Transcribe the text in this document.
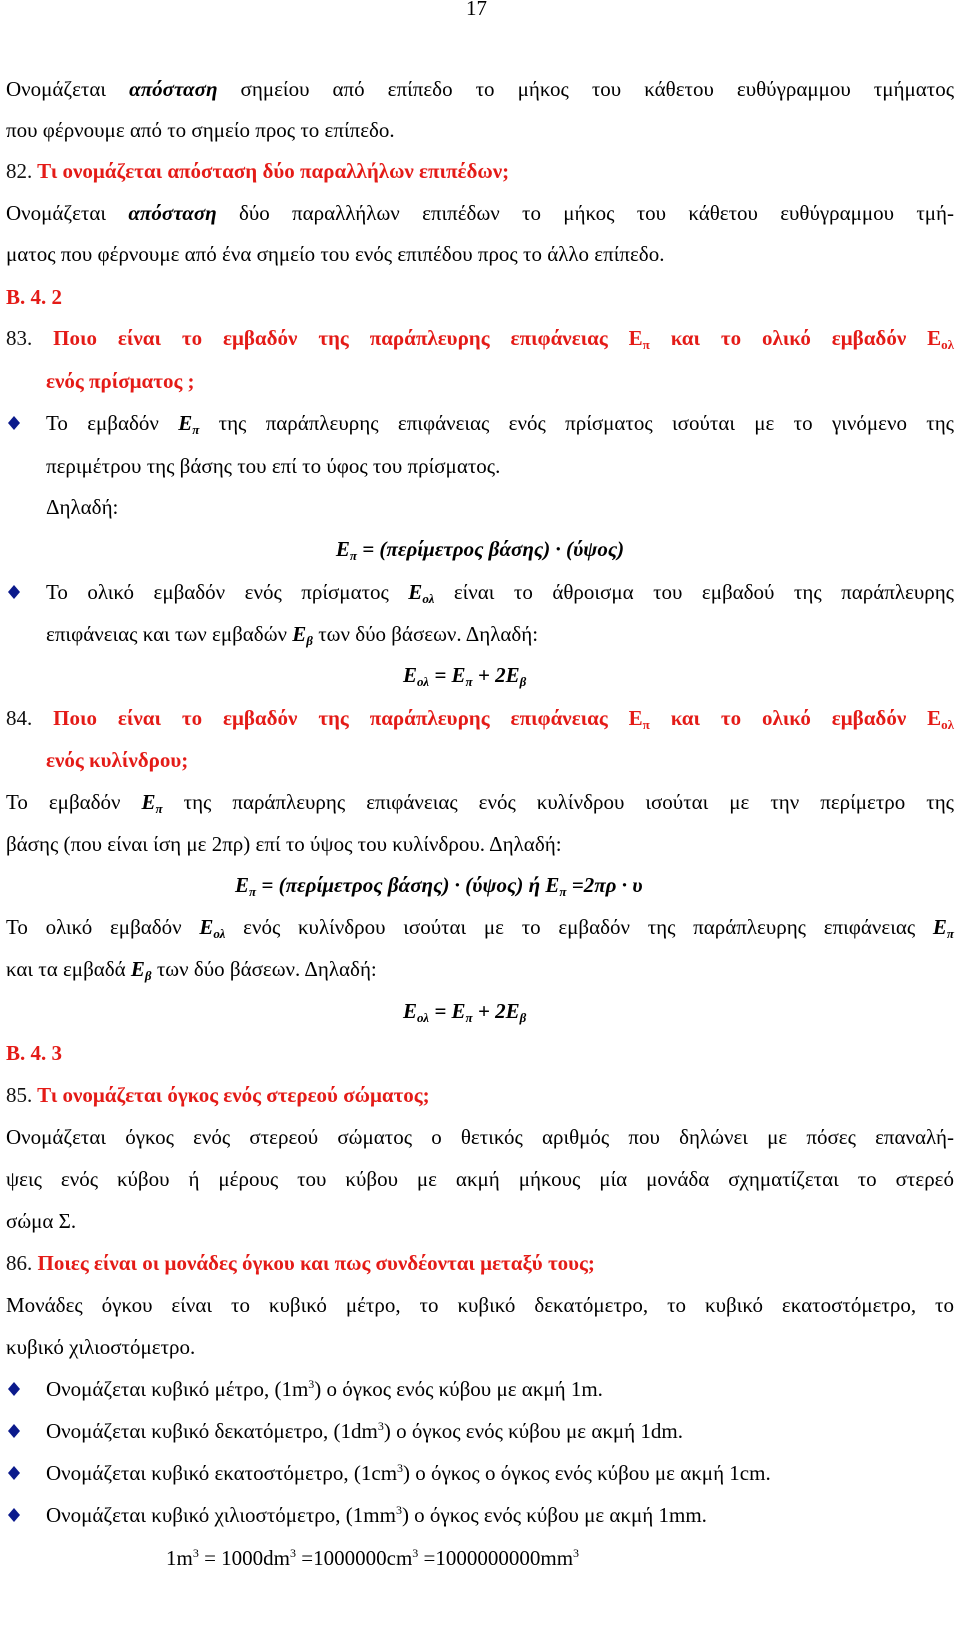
17
Ονομάζεται απόσταση σημείου από επίπεδο το μήκος του κάθετου ευθύγραμμου τμήματος
που φέρνουμε από το σημείο προς το επίπεδο.
82. Τι ονομάζεται απόσταση δύο παραλλήλων επιπέδων;
Ονομάζεται απόσταση δύο παραλλήλων επιπέδων το μήκος του κάθετου ευθύγραμμου τμή-
ματος που φέρνουμε από ένα σημείο του ενός επιπέδου προς το άλλο επίπεδο.
Β. 4. 2
83. Ποιο είναι το εμβαδόν της παράπλευρης επιφάνειας $E_\pi$ και το ολικό εμβαδόν $E_{o\lambda}$
ενός πρίσματος ;
Το εμβαδόν $E_\pi$ της παράπλευρης επιφάνειας ενός πρίσματος ισούται με το γινόμενο της
περιμέτρου της βάσης του επί το ύφος του πρίσματος.
Δηλαδή:
$E_\pi = (\pi\varepsilon\rho ί\mu\varepsilon\tau\rho o\varsigma$ βάσης) · (ύψος)
Το ολικό εμβαδόν ενός πρίσματος $E_{o\lambda}$ είναι το άθροισμα του εμβαδού της παράπλευρης
επιφάνειας και των εμβαδών $E_\beta$ των δύο βάσεων. Δηλαδή:
$E_{o\lambda} = E_\pi + 2E_\beta$
84. Ποιο είναι το εμβαδόν της παράπλευρης επιφάνειας $E_\pi$ και το ολικό εμβαδόν $E_{o\lambda}$
ενός κυλίνδρου;
Το εμβαδόν $E_\pi$ της παράπλευρης επιφάνειας ενός κυλίνδρου ισούται με την περίμετρο της
βάσης (που είναι ίση με 2πρ) επί το ύψος του κυλίνδρου. Δηλαδή:
$E_\pi = (\pi\varepsilon\rho ί\mu\varepsilon\tau\rho o\varsigma$ βάσης) · (ύψος) ή $E_\pi =2\pi\rho \cdot \upsilon$
Το ολικό εμβαδόν $E_{o\lambda}$ ενός κυλίνδρου ισούται με το εμβαδόν της παράπλευρης επιφάνειας $E_\pi$
και τα εμβαδά $E_\beta$ των δύο βάσεων. Δηλαδή:
$E_{o\lambda} = E_\pi + 2E_\beta$
Β. 4. 3
85. Τι ονομάζεται όγκος ενός στερεού σώματος;
Ονομάζεται όγκος ενός στερεού σώματος ο θετικός αριθμός που δηλώνει με πόσες επαναλή-
ψεις ενός κύβου ή μέρους του κύβου με ακμή μήκους μία μονάδα σχηματίζεται το στερεό
σώμα Σ.
86. Ποιες είναι οι μονάδες όγκου και πως συνδέονται μεταξύ τους;
Μονάδες όγκου είναι το κυβικό μέτρο, το κυβικό δεκατόμετρο, το κυβικό εκατοστόμετρο, το
κυβικό χιλιοστόμετρο.
Ονομάζεται κυβικό μέτρο, $(1m^3)$ ο όγκος ενός κύβου με ακμή 1m.
Ονομάζεται κυβικό δεκατόμετρο, $(1dm^3)$ ο όγκος ενός κύβου με ακμή 1dm.
Ονομάζεται κυβικό εκατοστόμετρο, $(1cm^3)$ ο όγκος ο όγκος ενός κύβου με ακμή 1cm.
Ονομάζεται κυβικό χιλιοστόμετρο, $(1mm^3)$ ο όγκος ενός κύβου με ακμή 1mm.
$1m^3 = 1000dm^3 =1000000cm^3 =1000000000mm^3$
